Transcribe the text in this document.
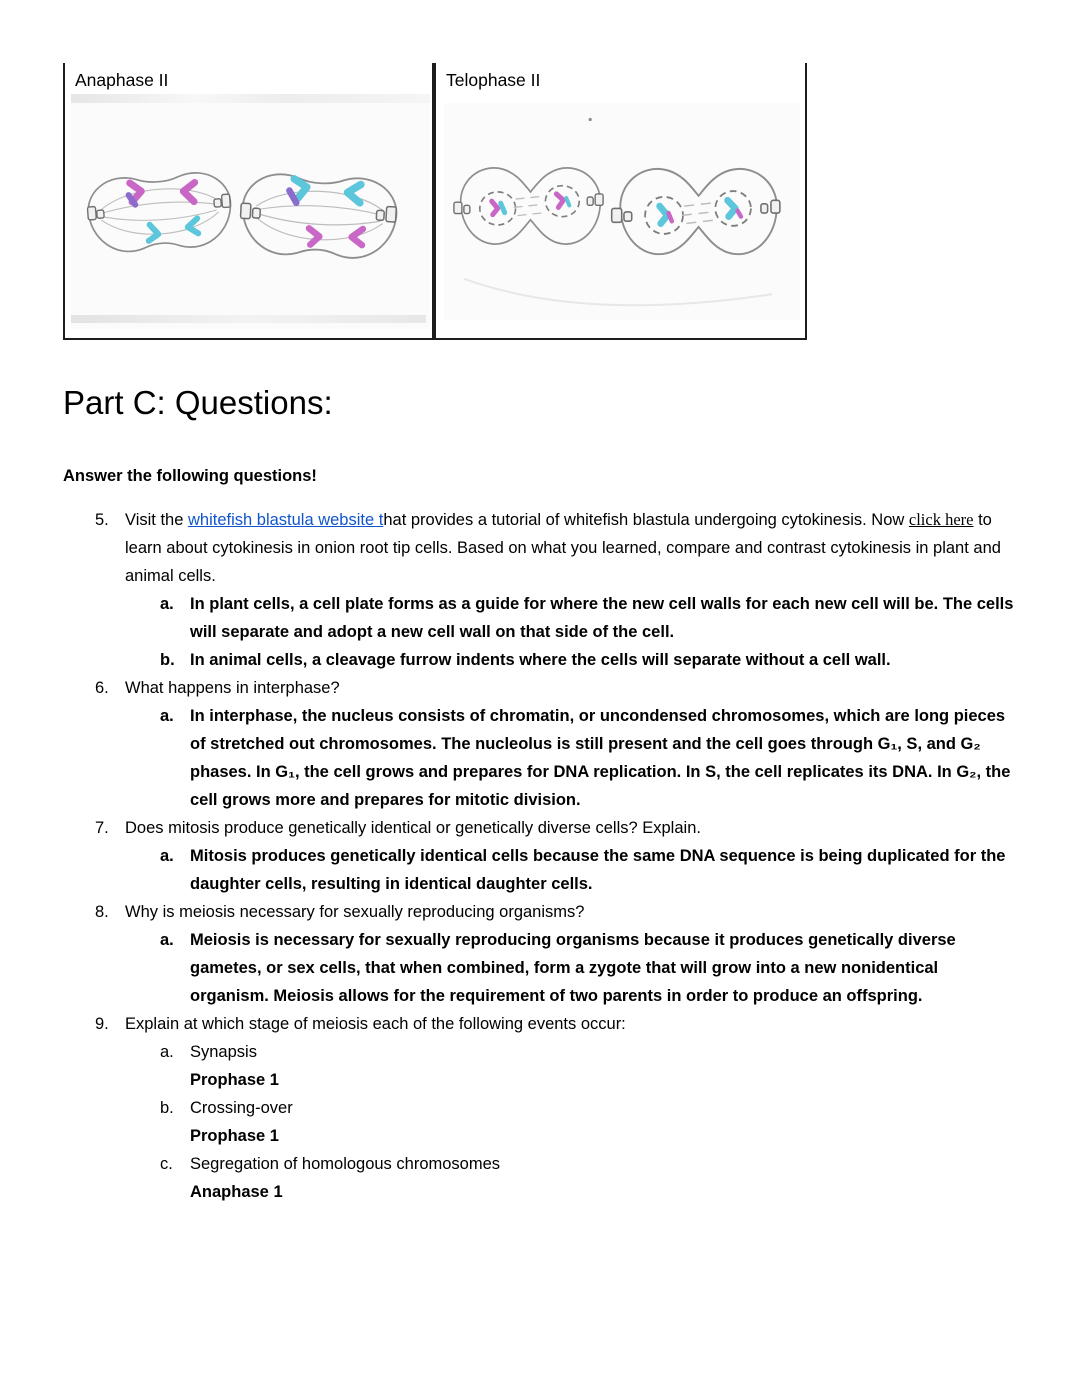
Anaphase II	Telophase II
Part C: Questions:
Answer the following questions!
5. Visit the whitefish blastula website that provides a tutorial of whitefish blastula undergoing cytokinesis. Now click here to learn about cytokinesis in onion root tip cells. Based on what you learned, compare and contrast cytokinesis in plant and animal cells.
a. In plant cells, a cell plate forms as a guide for where the new cell walls for each new cell will be. The cells will separate and adopt a new cell wall on that side of the cell.
b. In animal cells, a cleavage furrow indents where the cells will separate without a cell wall.
6. What happens in interphase?
a. In interphase, the nucleus consists of chromatin, or uncondensed chromosomes, which are long pieces of stretched out chromosomes. The nucleolus is still present and the cell goes through G₁, S, and G₂ phases. In G₁, the cell grows and prepares for DNA replication. In S, the cell replicates its DNA. In G₂, the cell grows more and prepares for mitotic division.
7. Does mitosis produce genetically identical or genetically diverse cells? Explain.
a. Mitosis produces genetically identical cells because the same DNA sequence is being duplicated for the daughter cells, resulting in identical daughter cells.
8. Why is meiosis necessary for sexually reproducing organisms?
a. Meiosis is necessary for sexually reproducing organisms because it produces genetically diverse gametes, or sex cells, that when combined, form a zygote that will grow into a new nonidentical organism. Meiosis allows for the requirement of two parents in order to produce an offspring.
9. Explain at which stage of meiosis each of the following events occur:
a. Synapsis
Prophase 1
b. Crossing-over
Prophase 1
c.	Segregation of homologous chromosomes
Anaphase 1
